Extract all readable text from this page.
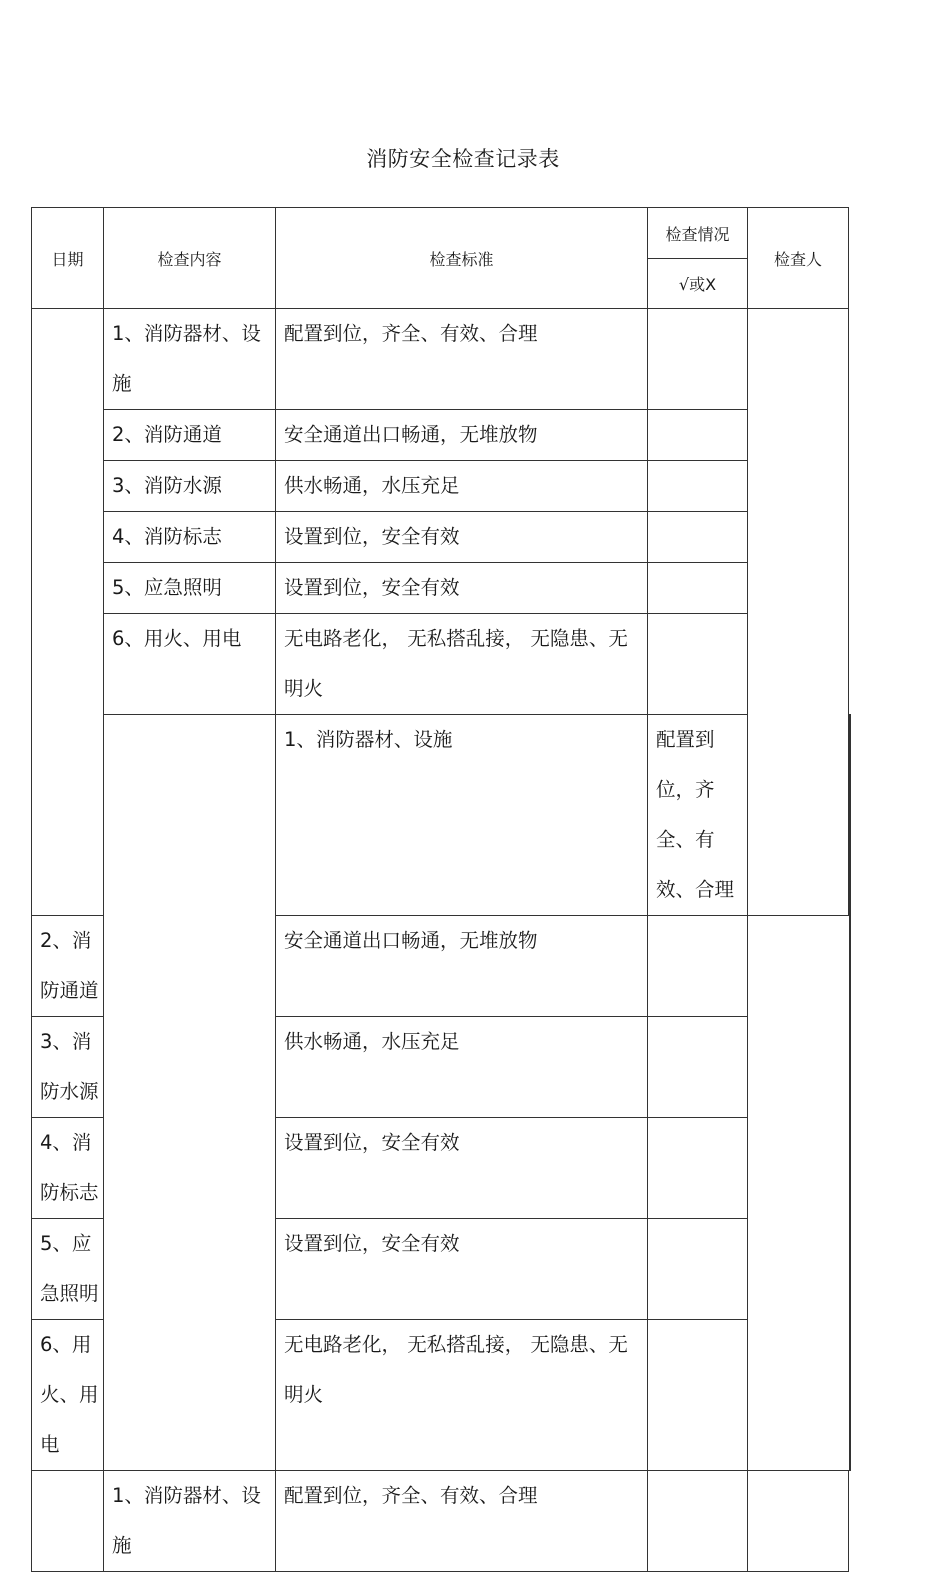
消防安全检查记录表
日期	检查内容	检查标准	检查情况	检查人	
			√或X		
	1、消防器材、设施	配置到位，齐全、有效、合理			
	2、消防通道	安全通道出口畅通，无堆放物			
	3、消防水源	供水畅通，水压充足			
	4、消防标志	设置到位，安全有效			
	5、应急照明	设置到位，安全有效			
	6、用火、用电	无电路老化， 无私搭乱接， 无隐患、无明火			
		1、消防器材、设施	配置到位，齐全、有效、合理		
2、消防通道		安全通道出口畅通，无堆放物			
3、消防水源		供水畅通，水压充足			
4、消防标志		设置到位，安全有效			
5、应急照明		设置到位，安全有效			
6、用火、用电		无电路老化， 无私搭乱接， 无隐患、无明火			
	1、消防器材、设施	配置到位，齐全、有效、合理			
